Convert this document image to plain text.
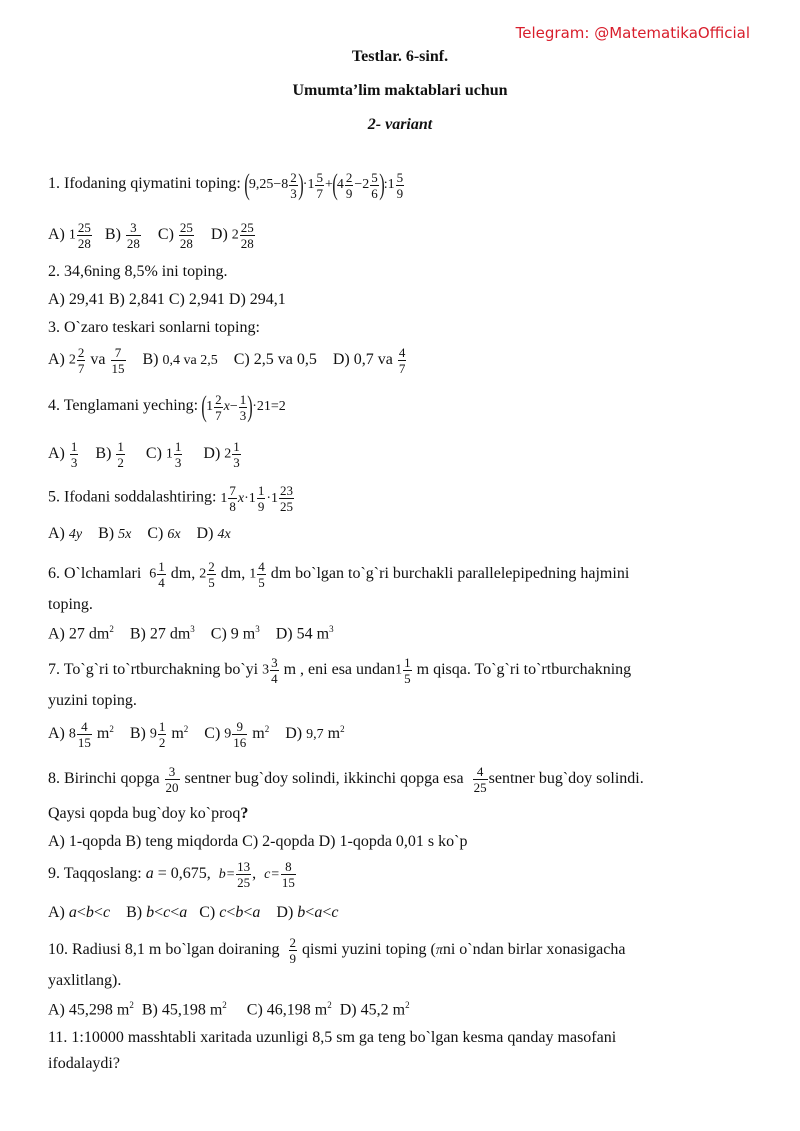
Telegram: @MatematikaOfficial
Testlar. 6-sinf.
Umumta’lim maktablari uchun
2- variant
1. Ifodaning qiymatini toping: $(9,25-8 \frac{2}{3} )\cdot 1 \frac{5}{7} +(4 \frac{2}{9} -2 \frac{5}{6}$ ):1 $\frac{5}{9}$
A) $1 \frac{25}{28} B) \frac{3}{28} C) \frac{25}{28} D$) $2 \frac{25}{28}$
2. 34,6ning 8,5% ini toping.
A) 29,41 B) 2,841 C) 2,941 D) 294,1
3. O`zaro teskari sonlarni toping:
A) $2 \frac{2}{7}$ va $\frac{7}{15} B$) 0,4 va 2,5 C) 2,5 va 0,5 D) 0,7 va $\frac{4}{7}$
4. Tenglamani yeching: $(1 \frac{2}{7} x- \frac{1}{3} )\cdot 21=2$
$A) \frac{1}{3} B) \frac{1}{2} C$) $1 \frac{1}{3} D$) $2 \frac{1}{3}$
5. Ifodani soddalashtiring: $1 \frac{7}{8} x\cdot 1 \frac{1}{9} \cdot 1 \frac{23}{25}$
A) 4y B) 5x C) 6x D) 4x
6. O`lchamlari $6 \frac{1}{4}$ dm, $2 \frac{2}{5}$ dm, $1 \frac{4}{5}$ dm bo`lgan to`g`ri burchakli parallelepipedning hajmini
toping.
A) 27 $dm^2$ B) 27 $dm^3$ C) 9 $m^3$ D) 54 $m^3$
7. To`g`ri to`rtburchakning bo`yi $3 \frac{3}{4}$ m , eni esa undan1 $\frac{1}{5}$ m qisqa. To`g`ri to`rtburchakning
yuzini toping.
A) $8 \frac{4}{15} m^2$    B) $9 \frac{1}{2} m^2$    C) $9 \frac{9}{16} m^2$    D) 9,7 $m^2$
8. Birinchi qopga $\frac{3}{20}$ sentner bug`doy solindi, ikkinchi qopga esa $\frac{4}{25}$ sentner bug`doy solindi.
Qaysi qopda bug`doy ko`proq?
A) 1-qopda B) teng miqdorda C) 2-qopda D) 1-qopda 0,01 s ko`p
9. Taqqoslang: a = 0,675, $b= \frac{13}{25}$ ,  $c= \frac{8}{15}$
A) a<b<c    B) b<c<a   C) c<b<a    D) b<a<c
10. Radiusi 8,1 m bo`lgan doiraning $\frac{2}{9}$ qismi yuzini toping (πni o`ndan birlar xonasigacha
yaxlitlang).
A) 45,298 $m^2$ B) 45,198 $m^2$ C) 46,198 $m^2$ D) 45,2 $m^2$
11. 1:10000 masshtabli xaritada uzunligi 8,5 sm ga teng bo`lgan kesma qanday masofani
ifodalaydi?
